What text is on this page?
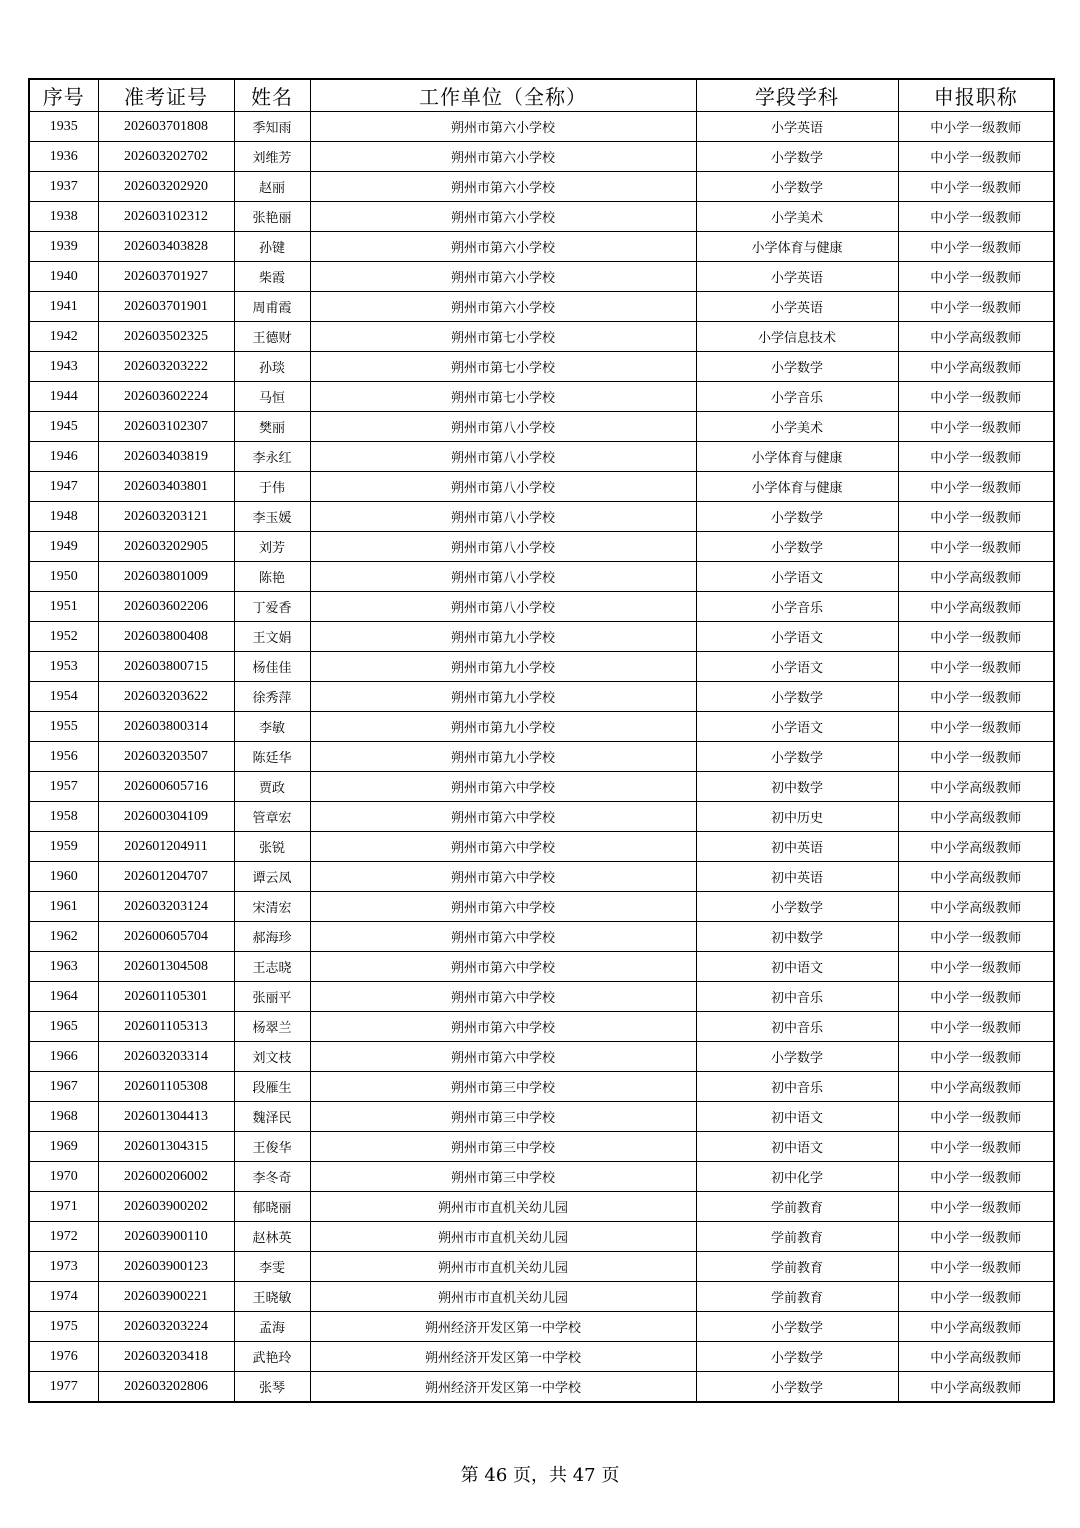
序号	准考证号	姓名	工作单位（全称）	学段学科	申报职称
1935	202603701808	季知雨	朔州市第六小学校	小学英语	中小学一级教师
1936	202603202702	刘维芳	朔州市第六小学校	小学数学	中小学一级教师
1937	202603202920	赵丽	朔州市第六小学校	小学数学	中小学一级教师
1938	202603102312	张艳丽	朔州市第六小学校	小学美术	中小学一级教师
1939	202603403828	孙键	朔州市第六小学校	小学体育与健康	中小学一级教师
1940	202603701927	柴霞	朔州市第六小学校	小学英语	中小学一级教师
1941	202603701901	周甫霞	朔州市第六小学校	小学英语	中小学一级教师
1942	202603502325	王德财	朔州市第七小学校	小学信息技术	中小学高级教师
1943	202603203222	孙琰	朔州市第七小学校	小学数学	中小学高级教师
1944	202603602224	马恒	朔州市第七小学校	小学音乐	中小学一级教师
1945	202603102307	樊丽	朔州市第八小学校	小学美术	中小学一级教师
1946	202603403819	李永红	朔州市第八小学校	小学体育与健康	中小学一级教师
1947	202603403801	于伟	朔州市第八小学校	小学体育与健康	中小学一级教师
1948	202603203121	李玉媛	朔州市第八小学校	小学数学	中小学一级教师
1949	202603202905	刘芳	朔州市第八小学校	小学数学	中小学一级教师
1950	202603801009	陈艳	朔州市第八小学校	小学语文	中小学高级教师
1951	202603602206	丁爱香	朔州市第八小学校	小学音乐	中小学高级教师
1952	202603800408	王文娟	朔州市第九小学校	小学语文	中小学一级教师
1953	202603800715	杨佳佳	朔州市第九小学校	小学语文	中小学一级教师
1954	202603203622	徐秀萍	朔州市第九小学校	小学数学	中小学一级教师
1955	202603800314	李敏	朔州市第九小学校	小学语文	中小学一级教师
1956	202603203507	陈廷华	朔州市第九小学校	小学数学	中小学一级教师
1957	202600605716	贾政	朔州市第六中学校	初中数学	中小学高级教师
1958	202600304109	管章宏	朔州市第六中学校	初中历史	中小学高级教师
1959	202601204911	张锐	朔州市第六中学校	初中英语	中小学高级教师
1960	202601204707	谭云凤	朔州市第六中学校	初中英语	中小学高级教师
1961	202603203124	宋清宏	朔州市第六中学校	小学数学	中小学高级教师
1962	202600605704	郝海珍	朔州市第六中学校	初中数学	中小学一级教师
1963	202601304508	王志晓	朔州市第六中学校	初中语文	中小学一级教师
1964	202601105301	张丽平	朔州市第六中学校	初中音乐	中小学一级教师
1965	202601105313	杨翠兰	朔州市第六中学校	初中音乐	中小学一级教师
1966	202603203314	刘文枝	朔州市第六中学校	小学数学	中小学一级教师
1967	202601105308	段雁生	朔州市第三中学校	初中音乐	中小学高级教师
1968	202601304413	魏泽民	朔州市第三中学校	初中语文	中小学一级教师
1969	202601304315	王俊华	朔州市第三中学校	初中语文	中小学一级教师
1970	202600206002	李冬奇	朔州市第三中学校	初中化学	中小学一级教师
1971	202603900202	郁晓丽	朔州市市直机关幼儿园	学前教育	中小学一级教师
1972	202603900110	赵林英	朔州市市直机关幼儿园	学前教育	中小学一级教师
1973	202603900123	李雯	朔州市市直机关幼儿园	学前教育	中小学一级教师
1974	202603900221	王晓敏	朔州市市直机关幼儿园	学前教育	中小学一级教师
1975	202603203224	孟海	朔州经济开发区第一中学校	小学数学	中小学高级教师
1976	202603203418	武艳玲	朔州经济开发区第一中学校	小学数学	中小学高级教师
1977	202603202806	张琴	朔州经济开发区第一中学校	小学数学	中小学高级教师
第 46 页，共 47 页
